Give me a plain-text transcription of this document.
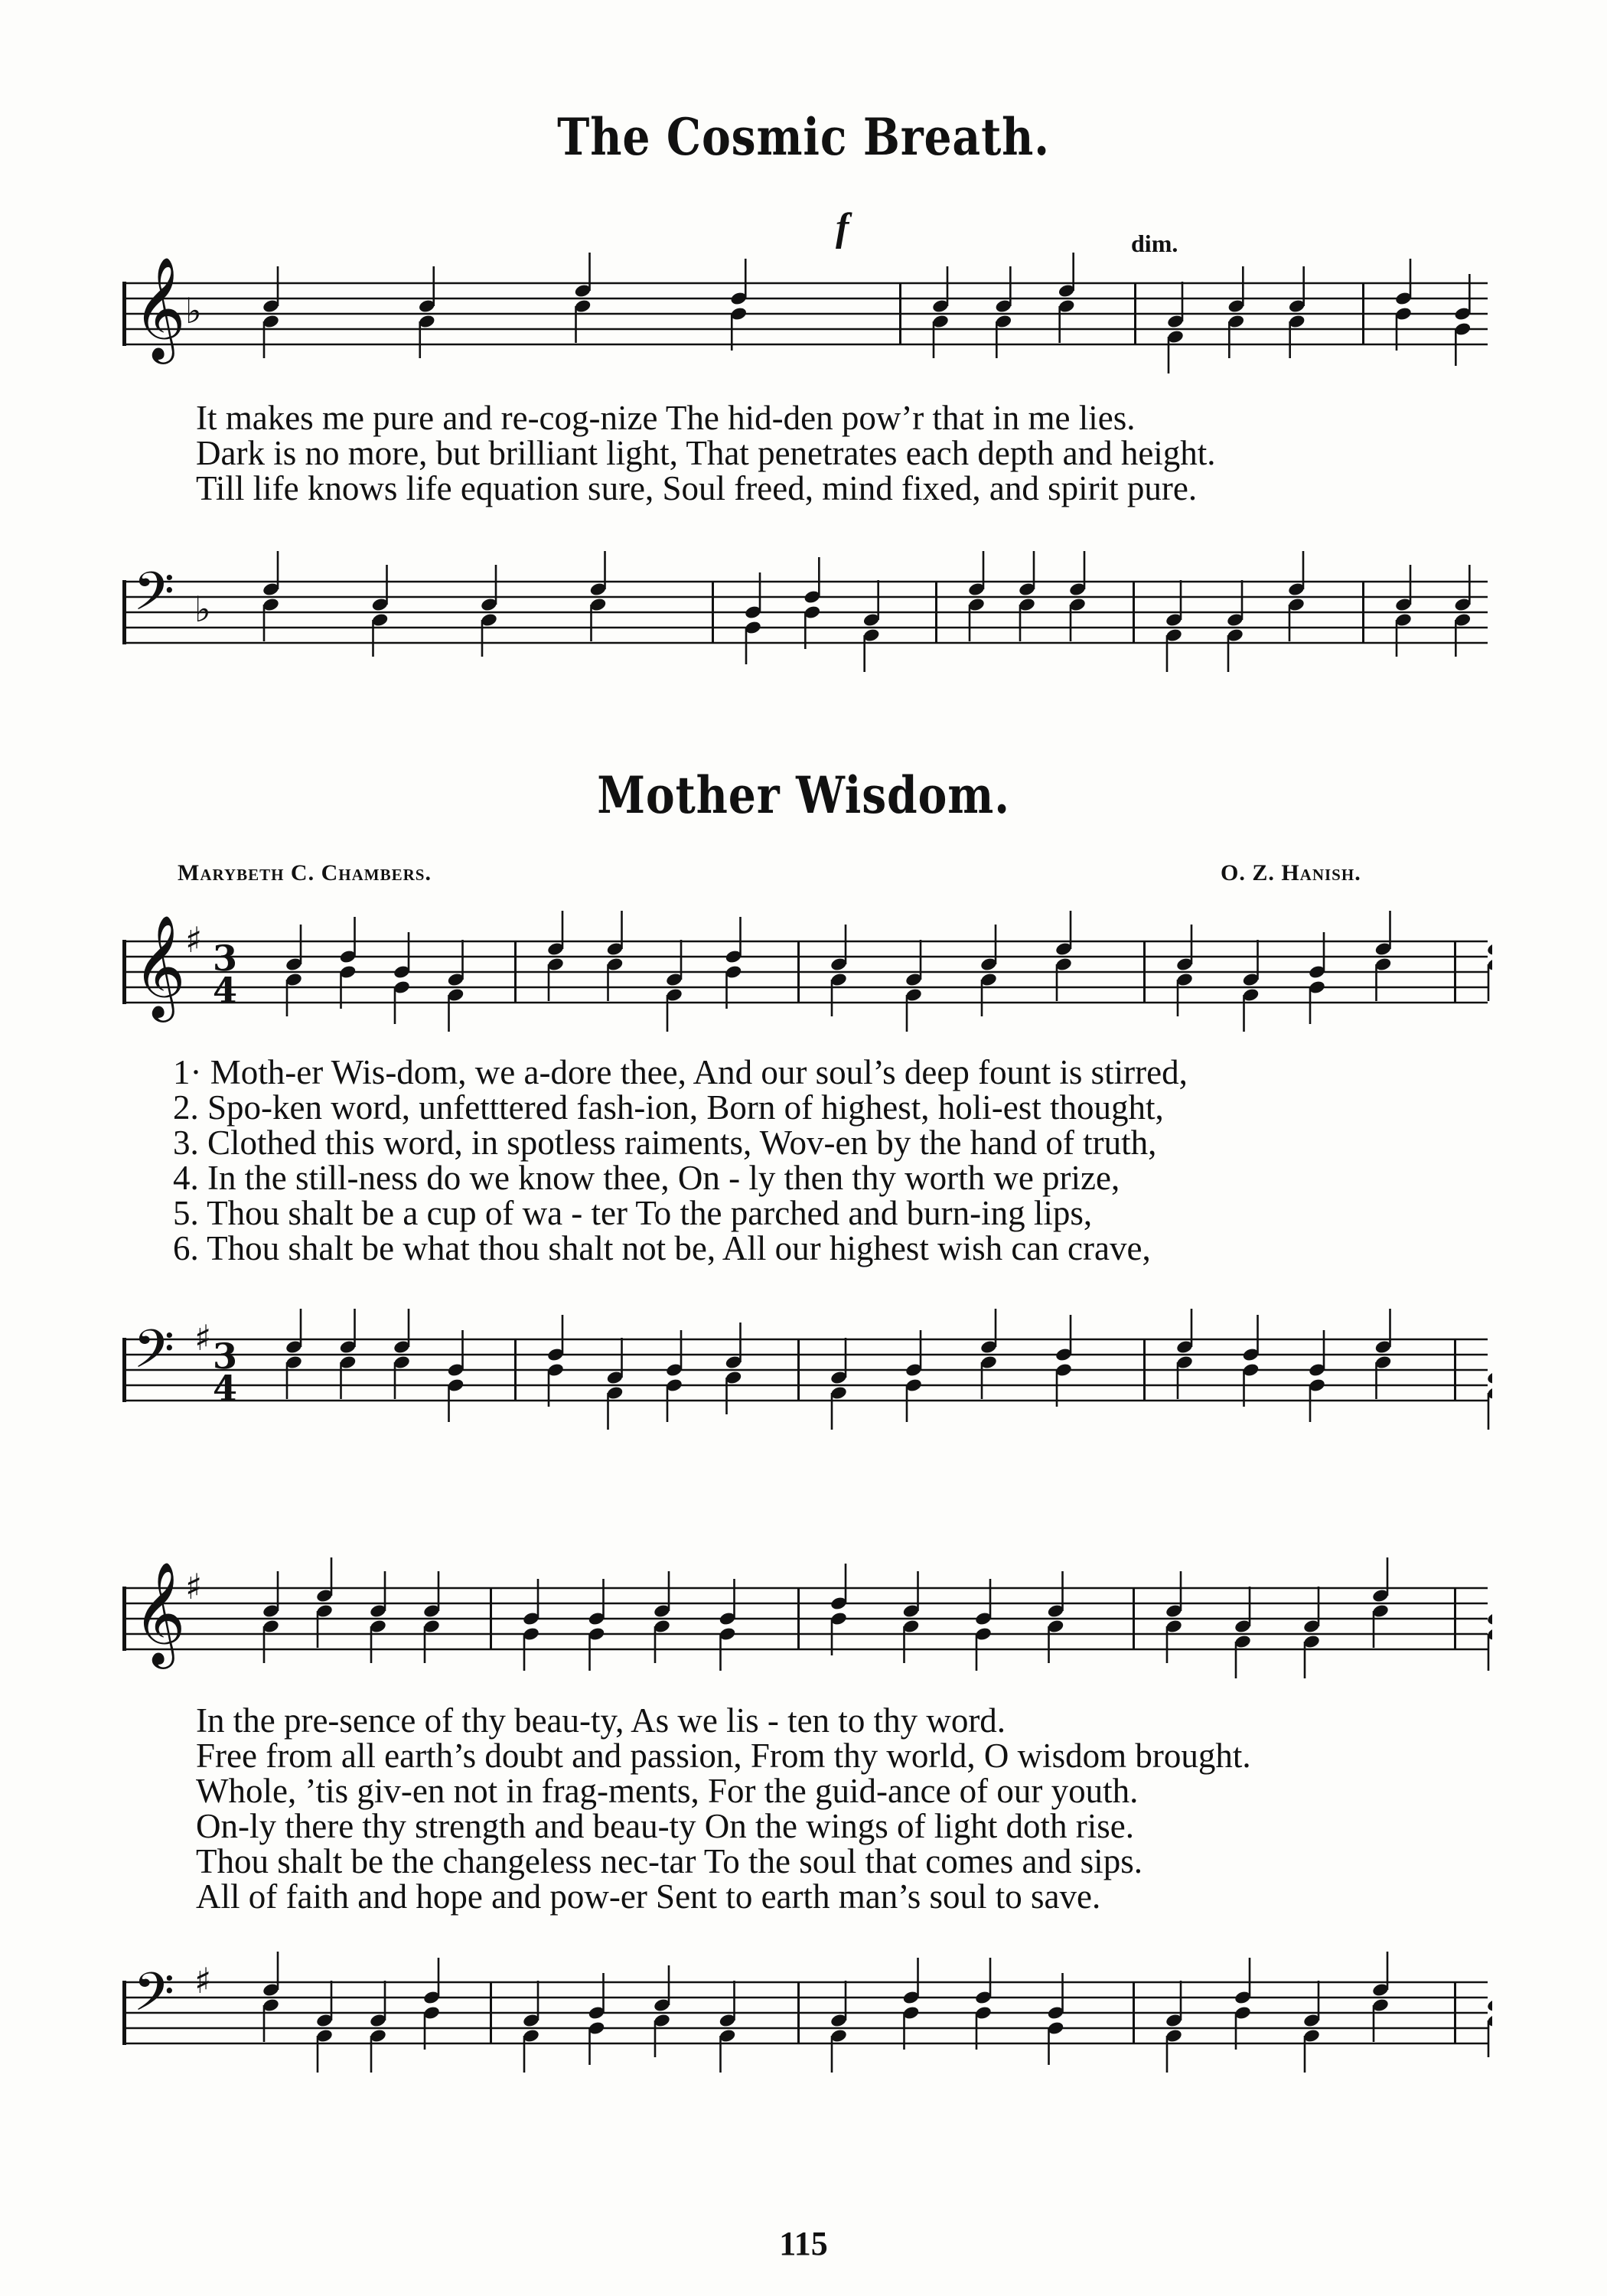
The Cosmic Breath.
f	dim.
𝄞 ♭
It makes me pure and re-cog-nize The hid-den pow’r that in me lies.
Dark is no more, but brilliant light, That penetrates each depth and height.
Till life knows life equation sure, Soul freed, mind fixed, and spirit pure.
𝄢 ♭
Mother Wisdom.
Marybeth C. Chambers.	O. Z. Hanish.
𝄞 ♯ 3
4
1· Moth-er Wis-dom, we a-dore thee, And our soul’s deep fount is stirred,
2. Spo-ken word, unfetttered fash-ion, Born of highest, holi-est thought,
3. Clothed this word, in spotless raiments, Wov-en by the hand of truth,
4. In the still-ness do we know thee, On - ly then thy worth we prize,
5. Thou shalt be a cup of wa - ter To the parched and burn-ing lips,
6. Thou shalt be what thou shalt not be, All our highest wish can crave,
𝄢 ♯ 3
4
𝄞 ♯
In the pre-sence of thy beau-ty, As we lis - ten to thy word.
Free from all earth’s doubt and passion, From thy world, O wisdom brought.
Whole, ’tis giv-en not in frag-ments, For the guid-ance of our youth.
On-ly there thy strength and beau-ty On the wings of light doth rise.
Thou shalt be the changeless nec-tar To the soul that comes and sips.
All of faith and hope and pow-er Sent to earth man’s soul to save.
𝄢 ♯
115
